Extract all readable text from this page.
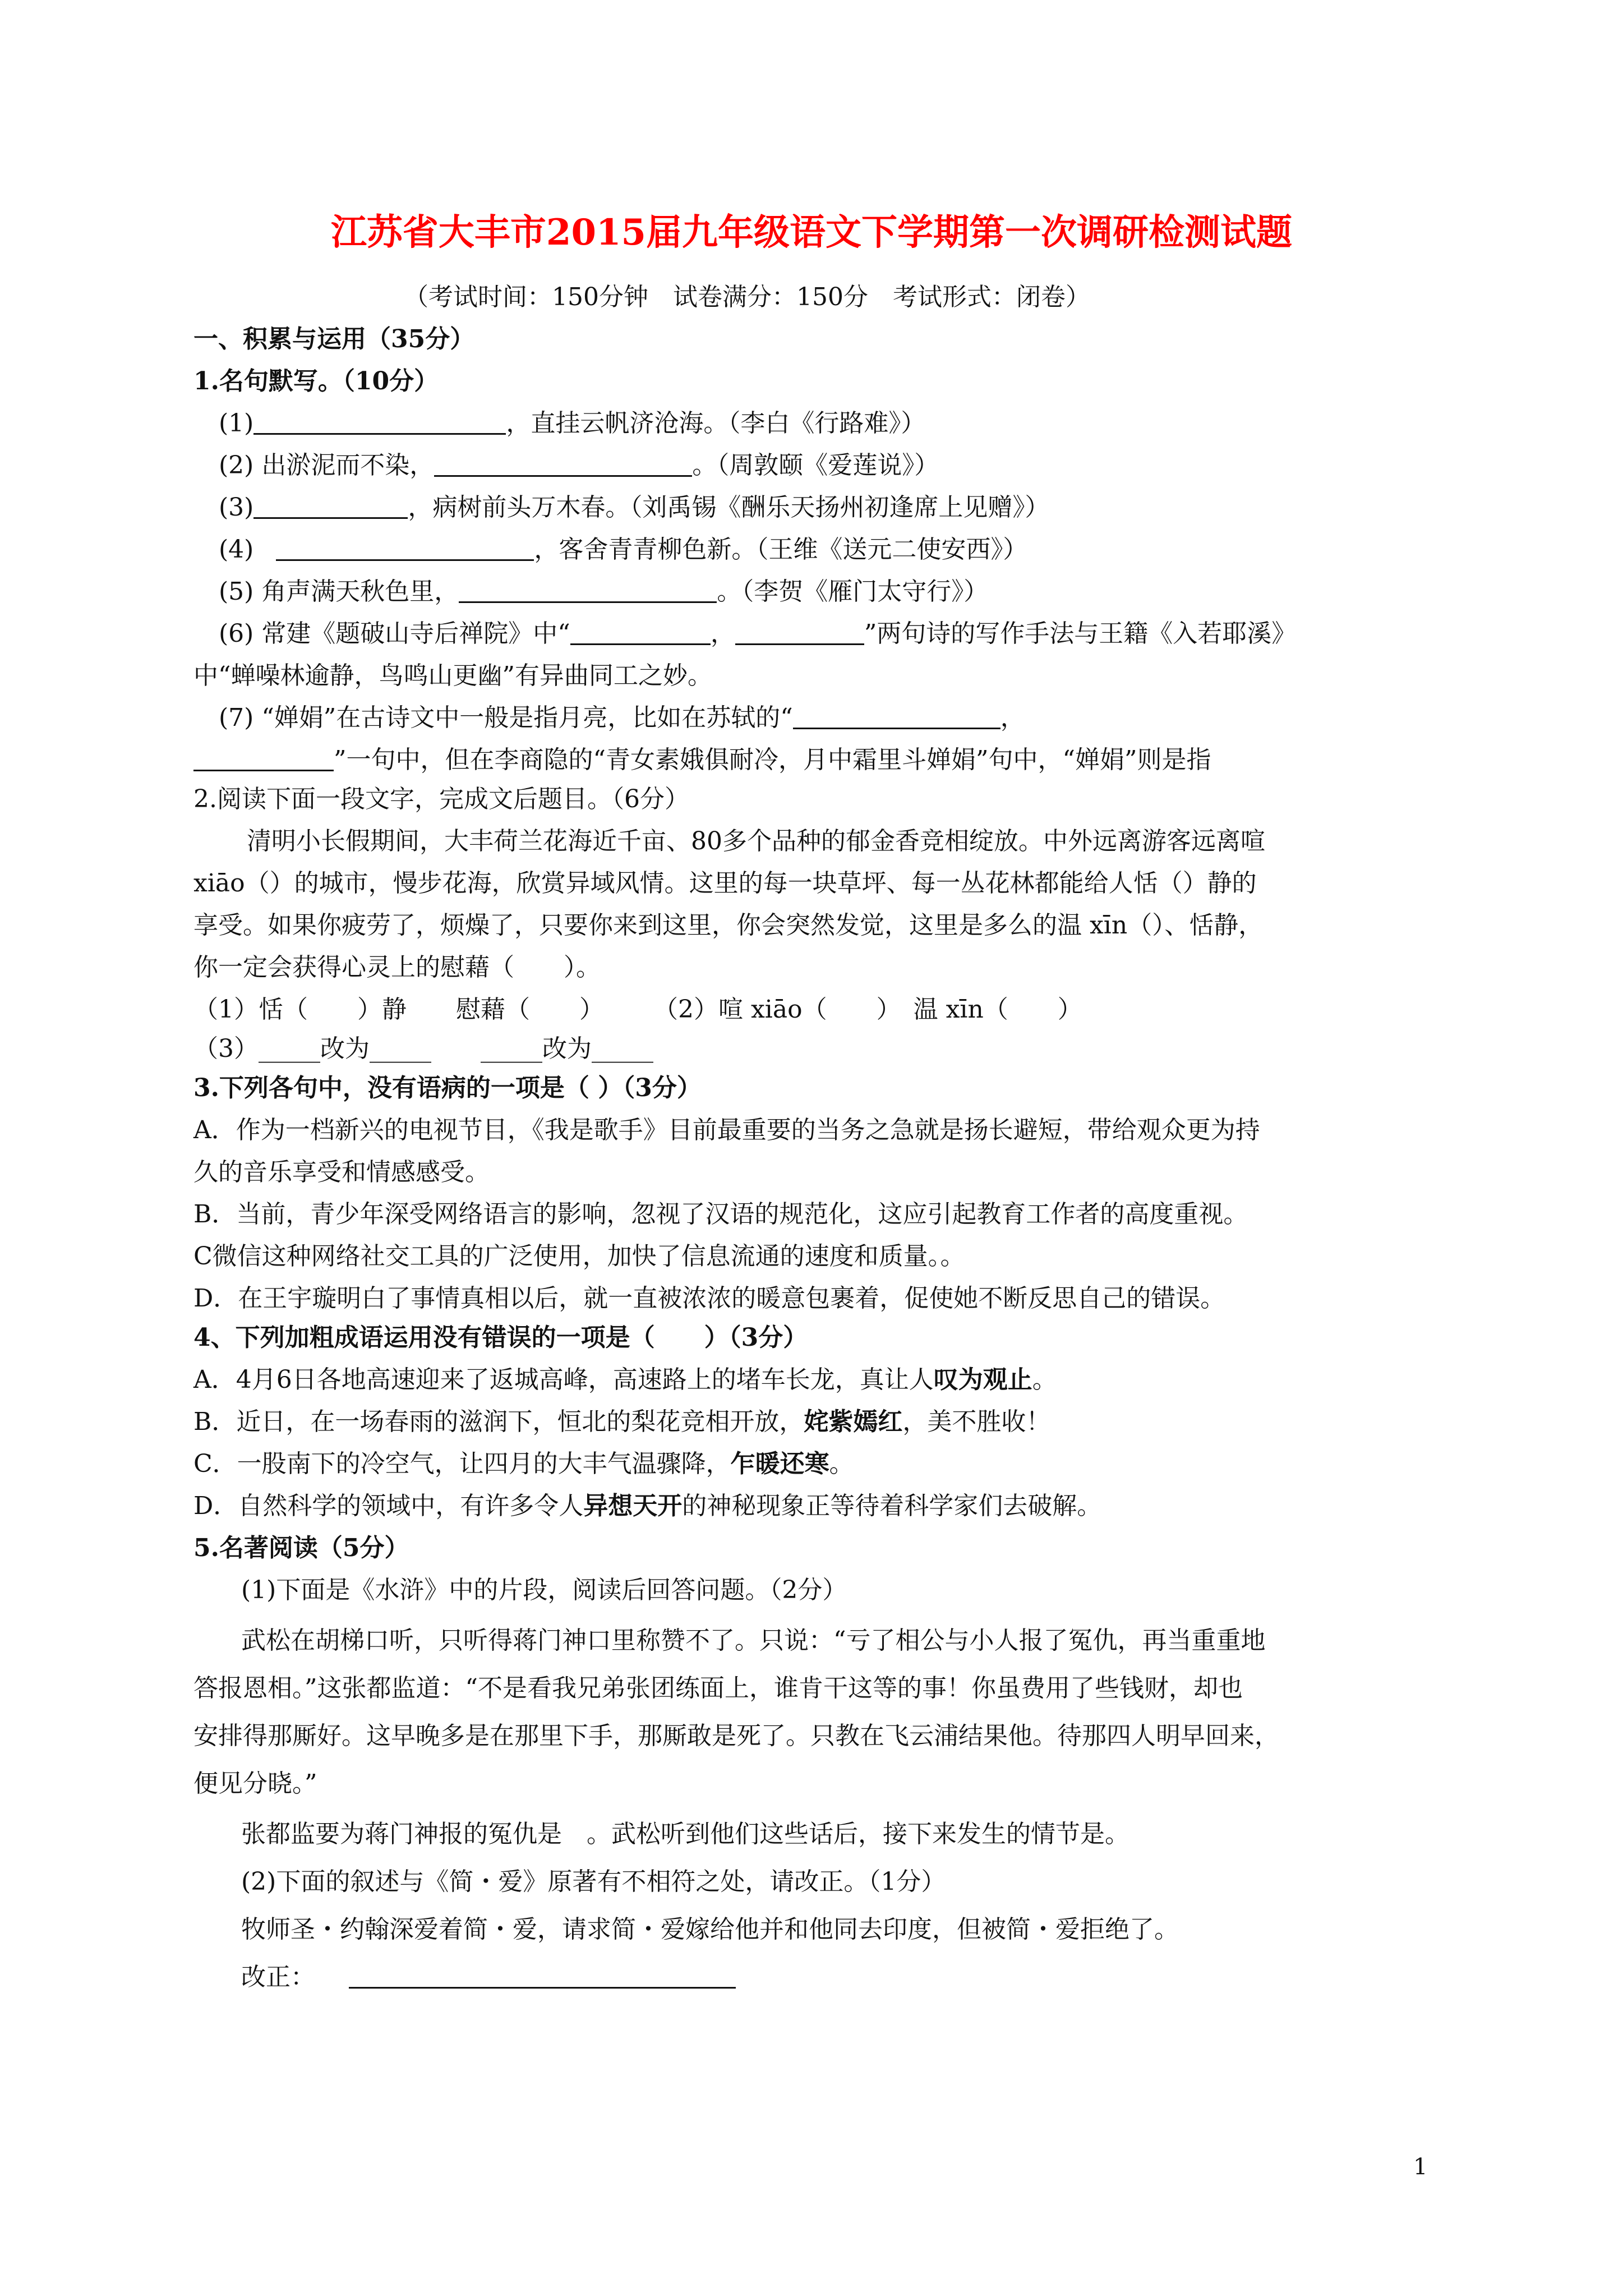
江苏省大丰市2015届九年级语文下学期第一次调研检测试题
（考试时间：150分钟　试卷满分：150分　考试形式：闭卷）
一、积累与运用（35分）
1.名句默写。（10分）
(1)	，直挂云帆济沧海。（李白《行路难》）
(2) 出淤泥而不染，	。（周敦颐《爱莲说》）
(3)	，病树前头万木春。（刘禹锡《酬乐天扬州初逢席上见赠》）
(4)	，客舍青青柳色新。（王维《送元二使安西》）
(5) 角声满天秋色里，	。（李贺《雁门太守行》）
(6) 常建《题破山寺后禅院》中“	，	”两句诗的写作手法与王籍《入若耶溪》
中“蝉噪林逾静，鸟鸣山更幽”有异曲同工之妙。
(7) “婵娟”在古诗文中一般是指月亮，比如在苏轼的“	，
”一句中，但在李商隐的“青女素娥俱耐冷，月中霜里斗婵娟”句中，“婵娟”则是指
2.阅读下面一段文字，完成文后题目。（6分）
清明小长假期间，大丰荷兰花海近千亩、80多个品种的郁金香竞相绽放。中外远离游客远离喧
xiāo（）的城市，慢步花海，欣赏异域风情。这里的每一块草坪、每一丛花林都能给人恬（）静的
享受。如果你疲劳了，烦燥了，只要你来到这里，你会突然发觉，这里是多么的温 xīn（）、恬静，
你一定会获得心灵上的慰藉（　　）。
（1）恬（　　）静　　慰藉（　　）　　　（2）喧 xiāo（　　）　温 xīn（　　）
（3）_____改为_____　　_____改为_____
3.下列各句中，没有语病的一项是（ ）（3分）
A．作为一档新兴的电视节目，《我是歌手》目前最重要的当务之急就是扬长避短，带给观众更为持
久的音乐享受和情感感受。
B．当前，青少年深受网络语言的影响，忽视了汉语的规范化，这应引起教育工作者的高度重视。
C微信这种网络社交工具的广泛使用，加快了信息流通的速度和质量。。
D．在王宇璇明白了事情真相以后，就一直被浓浓的暖意包裹着，促使她不断反思自己的错误。
4、下列加粗成语运用没有错误的一项是（　　）（3分）
A．4月6日各地高速迎来了返城高峰，高速路上的堵车长龙，真让人叹为观止。
B．近日，在一场春雨的滋润下，恒北的梨花竞相开放，姹紫嫣红，美不胜收！
C．一股南下的冷空气，让四月的大丰气温骤降，乍暖还寒。
D．自然科学的领域中，有许多令人异想天开的神秘现象正等待着科学家们去破解。
5.名著阅读（5分）
(1)下面是《水浒》中的片段，阅读后回答问题。（2分）
武松在胡梯口听，只听得蒋门神口里称赞不了。只说：“亏了相公与小人报了冤仇，再当重重地
答报恩相。”这张都监道：“不是看我兄弟张团练面上，谁肯干这等的事！你虽费用了些钱财，却也
安排得那厮好。这早晚多是在那里下手，那厮敢是死了。只教在飞云浦结果他。待那四人明早回来，
便见分晓。”
张都监要为蒋门神报的冤仇是　。武松听到他们这些话后，接下来发生的情节是。
(2)下面的叙述与《简・爱》原著有不相符之处，请改正。（1分）
牧师圣・约翰深爱着简・爱，请求简・爱嫁给他并和他同去印度，但被简・爱拒绝了。
改正：
1
